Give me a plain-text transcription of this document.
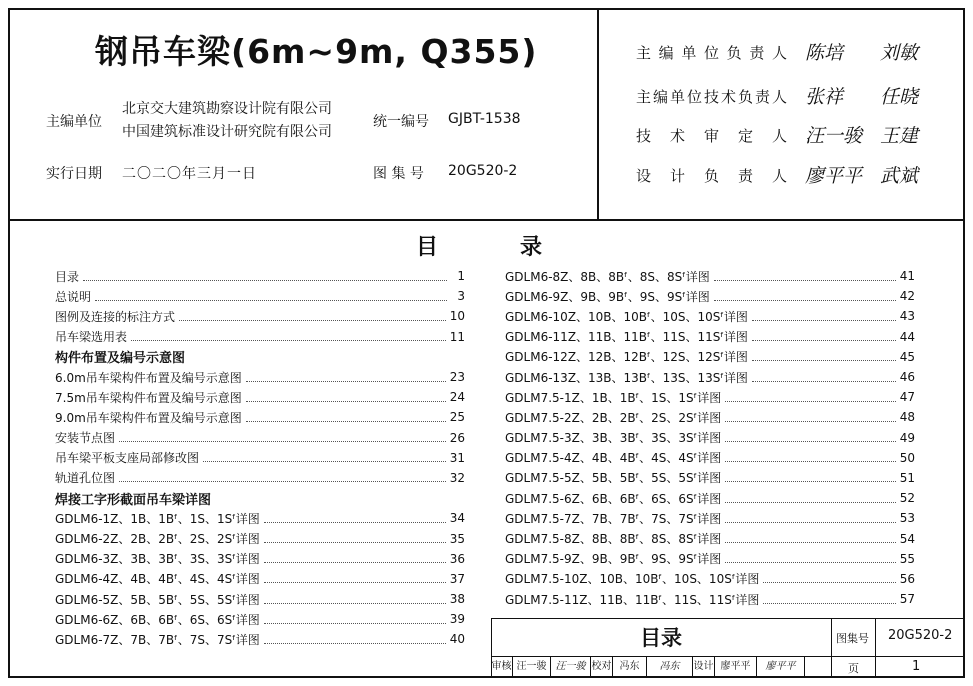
钢吊车梁(6m~9m, Q355)
主编单位
北京交大建筑勘察设计院有限公司
中国建筑标准设计研究院有限公司
统一编号 GJBT-1538
实行日期 二〇二〇年三月一日	图 集 号 20G520-2
主编单位负责人 陈培 刘敏
主编单位技术负责人 张祥 任晓
技术审定人 汪一骏 王建
设计负责人 廖平平 武斌
目	录
目录	1
总说明	3
图例及连接的标注方式	10
吊车梁选用表	11
构件布置及编号示意图
6.0m吊车梁构件布置及编号示意图	23
7.5m吊车梁构件布置及编号示意图	24
9.0m吊车梁构件布置及编号示意图	25
安装节点图	26
吊车梁平板支座局部修改图	31
轨道孔位图	32
焊接工字形截面吊车梁详图
GDLM6-1Z、1B、1Bᶠ、1S、1Sᶠ详图	34
GDLM6-2Z、2B、2Bᶠ、2S、2Sᶠ详图	35
GDLM6-3Z、3B、3Bᶠ、3S、3Sᶠ详图	36
GDLM6-4Z、4B、4Bᶠ、4S、4Sᶠ详图	37
GDLM6-5Z、5B、5Bᶠ、5S、5Sᶠ详图	38
GDLM6-6Z、6B、6Bᶠ、6S、6Sᶠ详图	39
GDLM6-7Z、7B、7Bᶠ、7S、7Sᶠ详图	40
GDLM6-8Z、8B、8Bᶠ、8S、8Sᶠ详图	41
GDLM6-9Z、9B、9Bᶠ、9S、9Sᶠ详图	42
GDLM6-10Z、10B、10Bᶠ、10S、10Sᶠ详图	43
GDLM6-11Z、11B、11Bᶠ、11S、11Sᶠ详图	44
GDLM6-12Z、12B、12Bᶠ、12S、12Sᶠ详图	45
GDLM6-13Z、13B、13Bᶠ、13S、13Sᶠ详图	46
GDLM7.5-1Z、1B、1Bᶠ、1S、1Sᶠ详图	47
GDLM7.5-2Z、2B、2Bᶠ、2S、2Sᶠ详图	48
GDLM7.5-3Z、3B、3Bᶠ、3S、3Sᶠ详图	49
GDLM7.5-4Z、4B、4Bᶠ、4S、4Sᶠ详图	50
GDLM7.5-5Z、5B、5Bᶠ、5S、5Sᶠ详图	51
GDLM7.5-6Z、6B、6Bᶠ、6S、6Sᶠ详图	52
GDLM7.5-7Z、7B、7Bᶠ、7S、7Sᶠ详图	53
GDLM7.5-8Z、8B、8Bᶠ、8S、8Sᶠ详图	54
GDLM7.5-9Z、9B、9Bᶠ、9S、9Sᶠ详图	55
GDLM7.5-10Z、10B、10Bᶠ、10S、10Sᶠ详图	56
GDLM7.5-11Z、11B、11Bᶠ、11S、11Sᶠ详图	57
目录	图集号 20G520-2
页	1
审核 汪一骏 汪一骏 校对 冯东	冯东	设计 廖平平	廖平平
